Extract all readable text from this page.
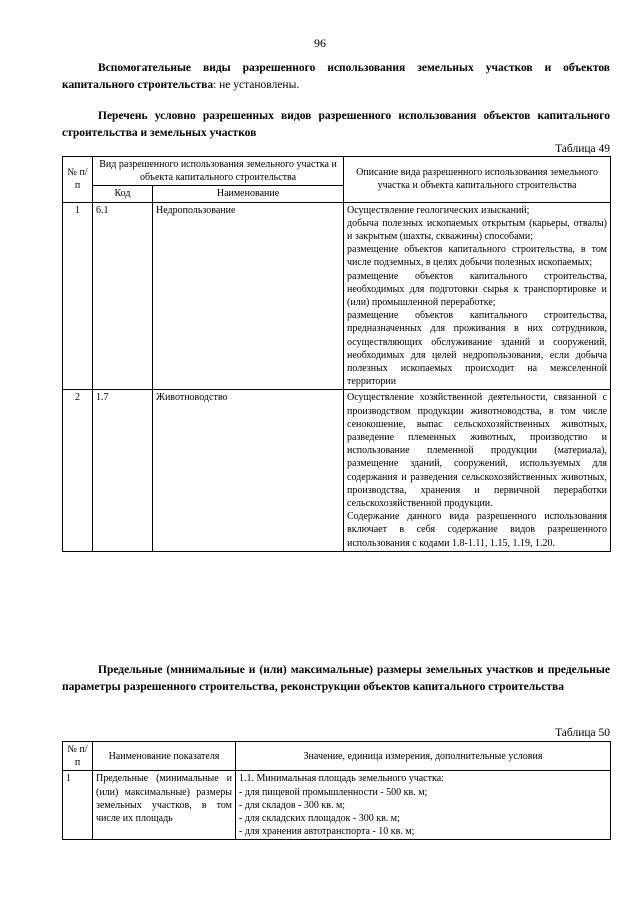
96
Вспомогательные виды разрешенного использования земельных участков и объектов капитального строительства: не установлены.
Перечень условно разрешенных видов разрешенного использования объектов капитального строительства и земельных участков
Таблица 49
№ п/п	Вид разрешенного использования земельного участка и объекта капитального строительства		Описание вида разрешенного использования земельного участка и объекта капитального строительства
	Код	Наименование	
1	6.1	Недропользование	Осуществление геологических изысканий;
добыча полезных ископаемых открытым (карьеры, отвалы) и закрытым (шахты, скважины) способами;
размещение объектов капитального строительства, в том числе подземных, в целях добычи полезных ископаемых;
размещение объектов капитального строительства, необходимых для подготовки сырья к транспортировке и (или) промышленной переработке;
размещение объектов капитального строительства, предназначенных для проживания в них сотрудников, осуществляющих обслуживание зданий и сооружений, необходимых для целей недропользования, если добыча полезных ископаемых происходит на межселенной территории

2	1.7	Животноводство	Осуществление хозяйственной деятельности, связанной с производством продукции животноводства, в том числе сенокошение, выпас сельскохозяйственных животных, разведение племенных животных, производство и использование племенной продукции (материала), размещение зданий, сооружений, используемых для содержания и разведения сельскохозяйственных животных, производства, хранения и первичной переработки сельскохозяйственной продукции.
Содержание данного вида разрешенного использования включает в себя содержание видов разрешенного использования с кодами 1.8-1.11, 1.15, 1.19, 1.20.
Предельные (минимальные и (или) максимальные) размеры земельных участков и предельные параметры разрешенного строительства, реконструкции объектов капитального строительства
Таблица 50
№ п/п	Наименование показателя	Значение, единица измерения, дополнительные условия
1	Предельные (минимальные и (или) максимальные) размеры земельных участков, в том числе их площадь	1.1. Минимальная площадь земельного участка:
- для пищевой промышленности - 500 кв. м;
- для складов - 300 кв. м;
- для складских площадок - 300 кв. м;
- для хранения автотранспорта - 10 кв. м;
